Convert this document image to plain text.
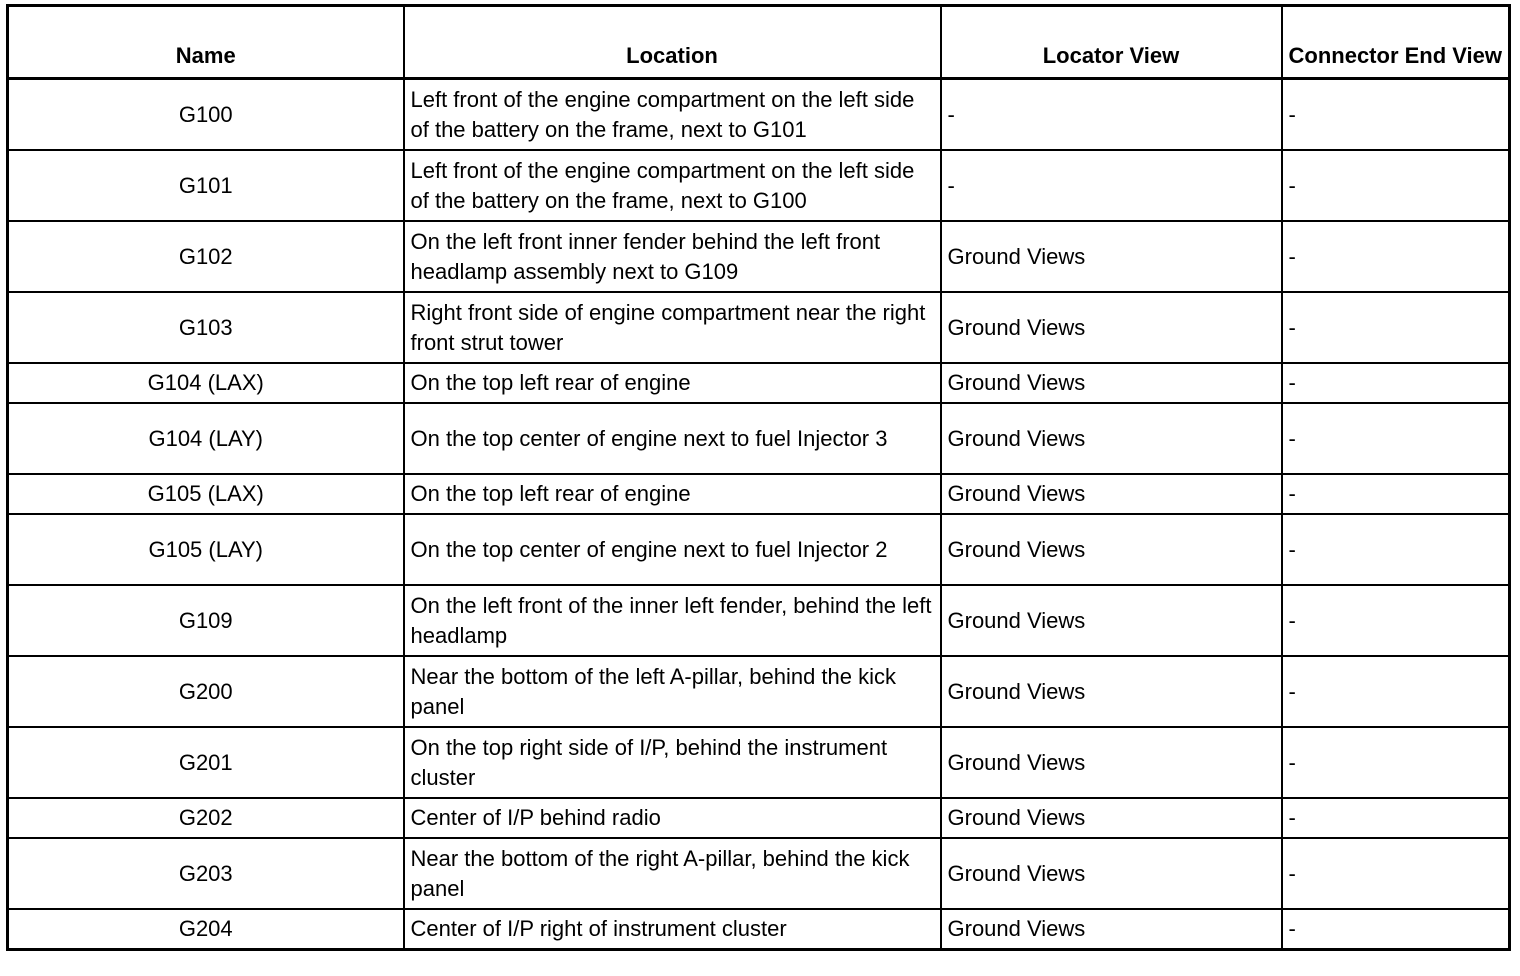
Name	Location	Locator View	Connector End View
G100	Left front of the engine compartment on the left side of the battery on the frame, next to G101	-	-
G101	Left front of the engine compartment on the left side of the battery on the frame, next to G100	-	-
G102	On the left front inner fender behind the left front headlamp assembly next to G109	Ground Views	-
G103	Right front side of engine compartment near the right front strut tower	Ground Views	-
G104 (LAX)	On the top left rear of engine	Ground Views	-
G104 (LAY)	On the top center of engine next to fuel Injector 3	Ground Views	-
G105 (LAX)	On the top left rear of engine	Ground Views	-
G105 (LAY)	On the top center of engine next to fuel Injector 2	Ground Views	-
G109	On the left front of the inner left fender, behind the left headlamp	Ground Views	-
G200	Near the bottom of the left A-pillar, behind the kick panel	Ground Views	-
G201	On the top right side of I/P, behind the instrument cluster	Ground Views	-
G202	Center of I/P behind radio	Ground Views	-
G203	Near the bottom of the right A-pillar, behind the kick panel	Ground Views	-
G204	Center of I/P right of instrument cluster	Ground Views	-
